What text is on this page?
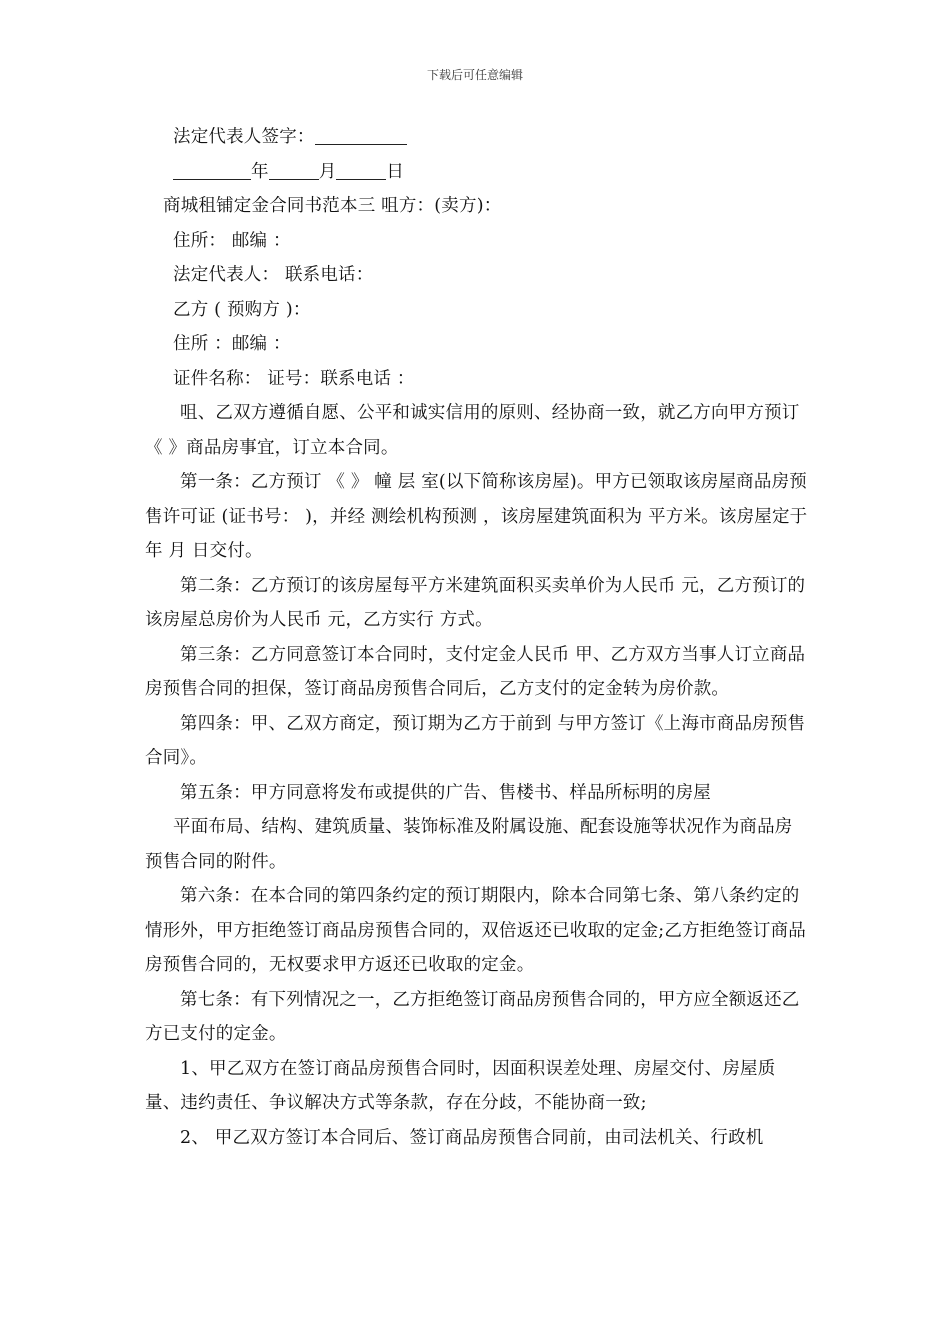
下载后可任意编辑

法定代表人签字：

年	月	日

商城租铺定金合同书范本三 咀方：(卖方)：

住所： 邮编 ：

法定代表人： 联系电话：

乙方 ( 预购方 )：

住所 ：邮编 ：

证件名称： 证号：联系电话 ：

咀、乙双方遵循自愿、公平和诚实信用的原则、经协商一致，就乙方向甲方预订《 》商品房事宜，订立本合同。

第一条：乙方预订 《 》 幢 层 室(以下简称该房屋)。甲方已领取该房屋商品房预售许可证 (证书号： )，并经 测绘机构预测 ，该房屋建筑面积为 平方米。该房屋定于 年 月 日交付。

第二条：乙方预订的该房屋每平方米建筑面积买卖单价为人民币 元，乙方预订的该房屋总房价为人民币 元，乙方实行 方式。

第三条：乙方同意签订本合同时，支付定金人民币 甲、乙方双方当事人订立商品房预售合同的担保，签订商品房预售合同后，乙方支付的定金转为房价款。

第四条：甲、乙双方商定，预订期为乙方于前到 与甲方签订《上海市商品房预售合同》。

第五条：甲方同意将发布或提供的广告、售楼书、样品所标明的房屋

平面布局、结构、建筑质量、装饰标准及附属设施、配套设施等状况作为商品房预售合同的附件。

第六条：在本合同的第四条约定的预订期限内，除本合同第七条、第八条约定的情形外，甲方拒绝签订商品房预售合同的，双倍返还已收取的定金;乙方拒绝签订商品房预售合同的，无权要求甲方返还已收取的定金。

第七条：有下列情况之一，乙方拒绝签订商品房预售合同的，甲方应全额返还乙方已支付的定金。

1、甲乙双方在签订商品房预售合同时，因面积误差处理、房屋交付、房屋质量、违约责任、争议解决方式等条款，存在分歧，不能协商一致;

2、 甲乙双方签订本合同后、签订商品房预售合同前，由司法机关、行政机
